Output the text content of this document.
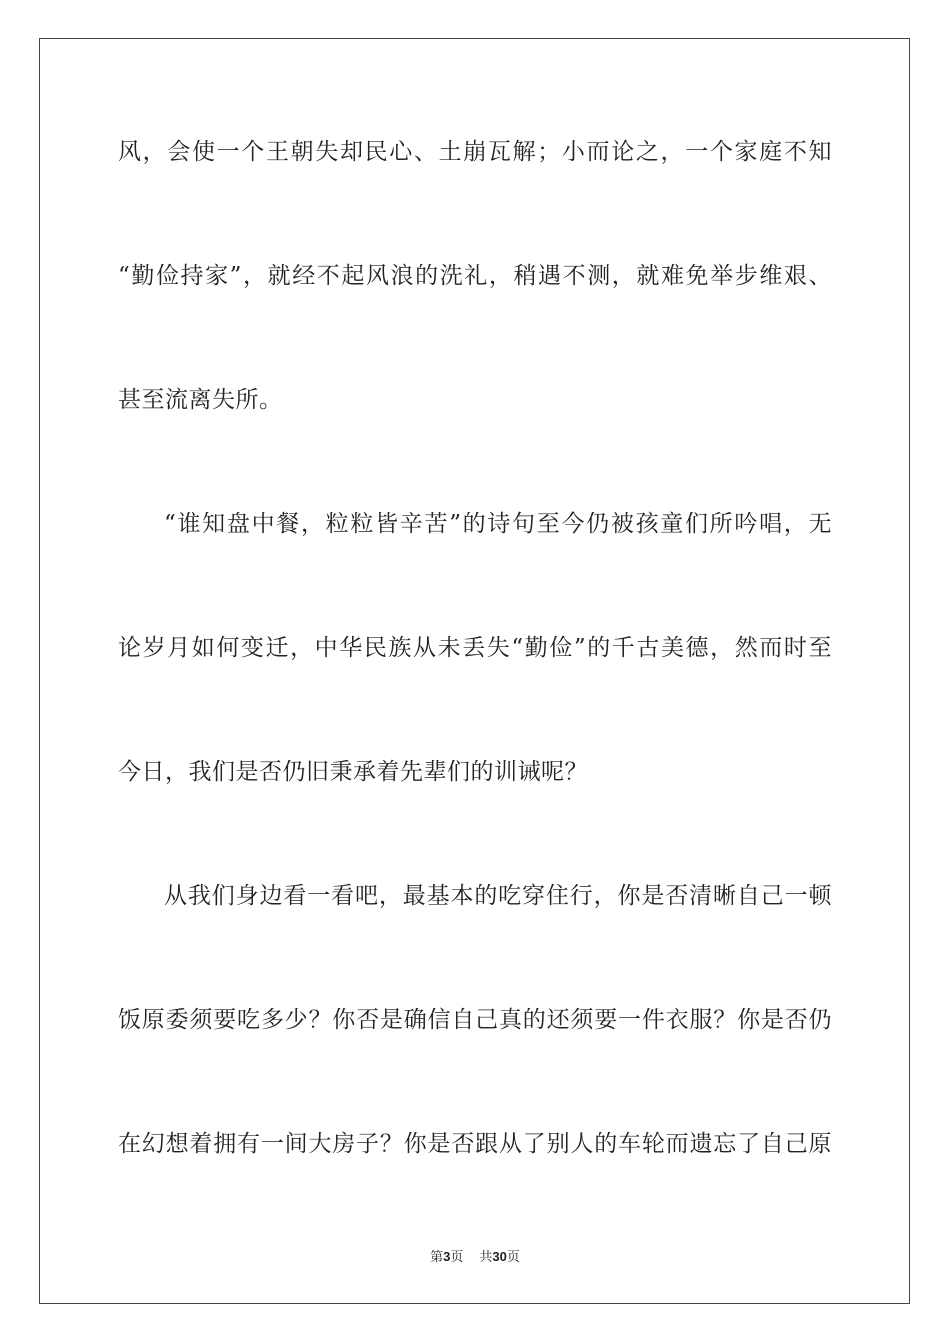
风，会使一个王朝失却民心、土崩瓦解；小而论之，一个家庭不知
“勤俭持家”，就经不起风浪的洗礼，稍遇不测，就难免举步维艰、
甚至流离失所。
“谁知盘中餐，粒粒皆辛苦”的诗句至今仍被孩童们所吟唱，无
论岁月如何变迁，中华民族从未丢失“勤俭”的千古美德，然而时至
今日，我们是否仍旧秉承着先辈们的训诫呢？
从我们身边看一看吧，最基本的吃穿住行，你是否清晰自己一顿
饭原委须要吃多少？你否是确信自己真的还须要一件衣服？你是否仍
在幻想着拥有一间大房子？你是否跟从了别人的车轮而遗忘了自己原
第3页 共30页
